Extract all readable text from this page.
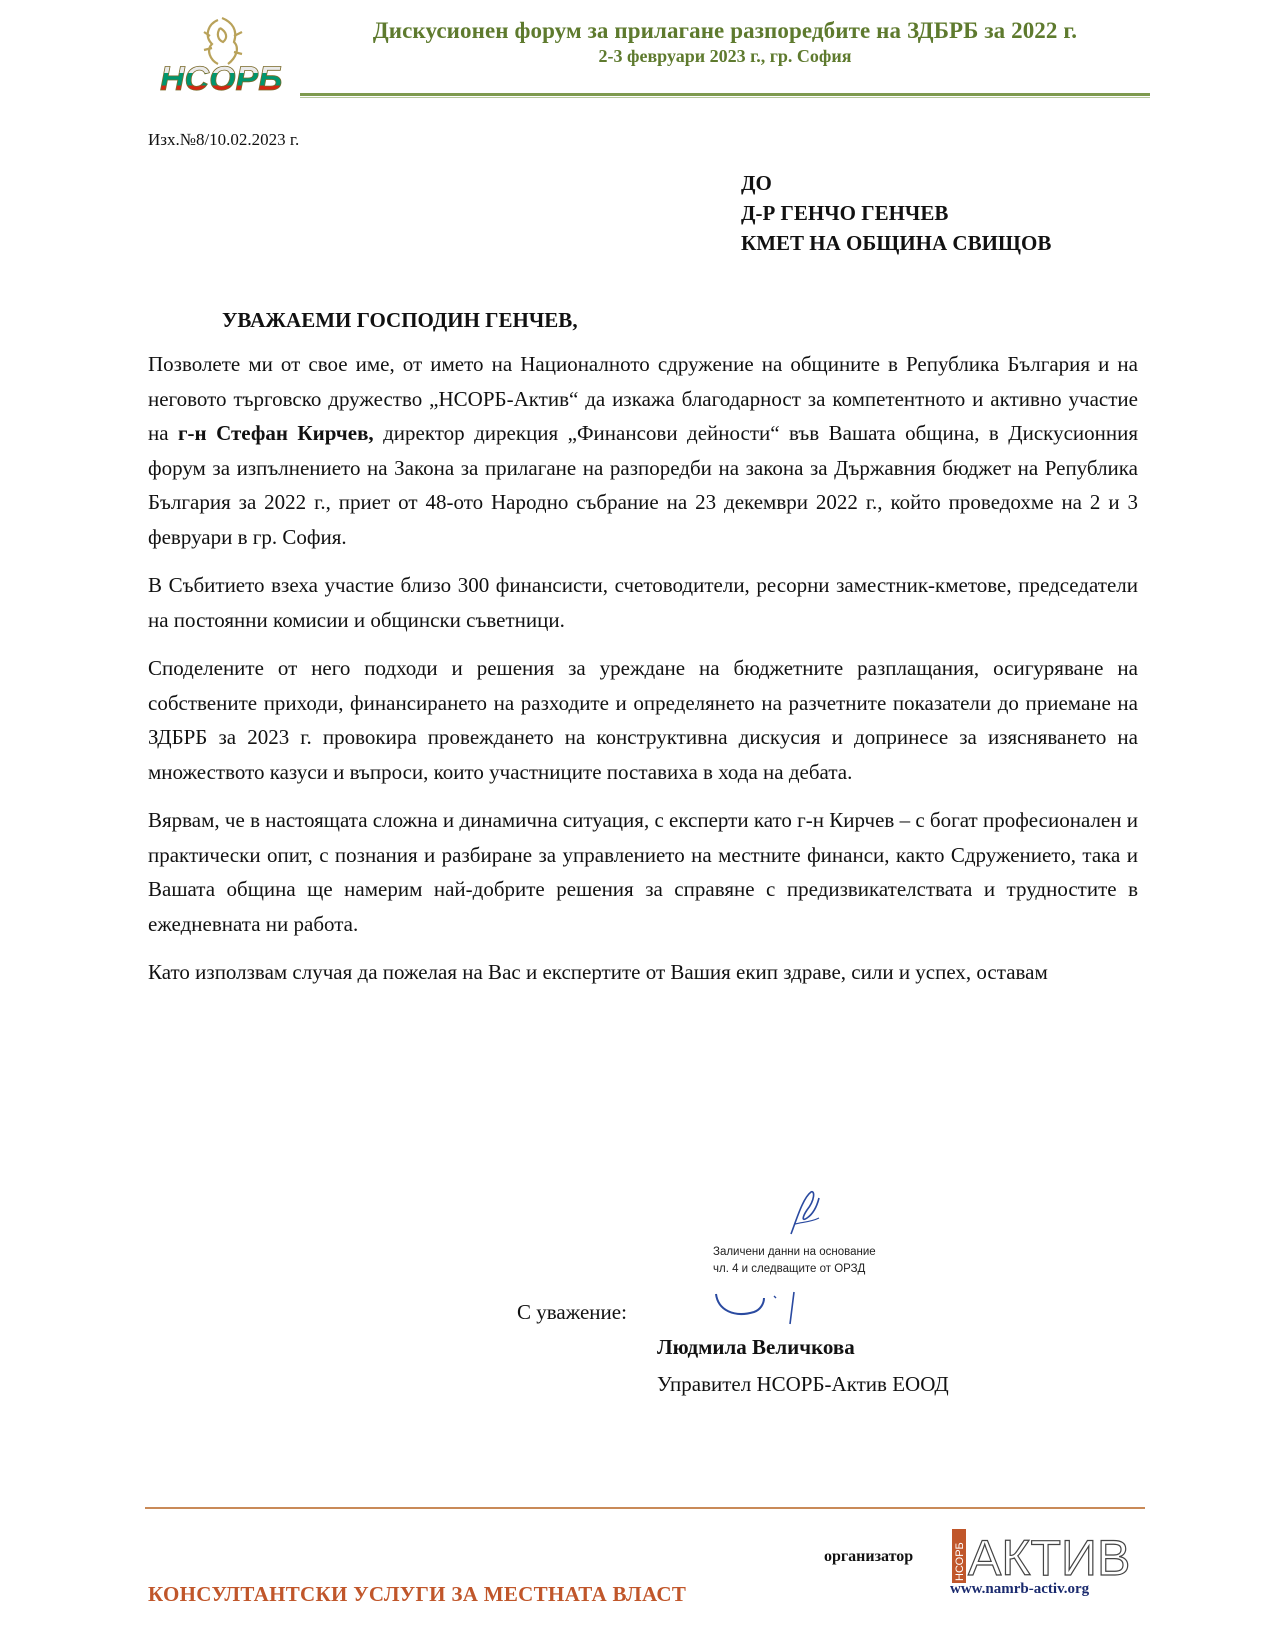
НСОРБ
Дискусионен форум за прилагане разпоредбите на ЗДБРБ за 2022 г.
2-3 февруари 2023 г., гр. София
Изх.№8/10.02.2023 г.
ДО
Д-Р ГЕНЧО ГЕНЧЕВ
КМЕТ НА ОБЩИНА СВИЩОВ
УВАЖАЕМИ ГОСПОДИН ГЕНЧЕВ,

Позволете ми от свое име, от името на Националното сдружение на общините в Република България и на неговото търговско дружество „НСОРБ-Актив“ да изкажа благодарност за компетентното и активно участие на г-н Стефан Кирчев, директор дирекция „Финансови дейности“ във Вашата община, в Дискусионния форум за изпълнението на Закона за прилагане на разпоредби на закона за Държавния бюджет на Република България за 2022 г., приет от 48-ото Народно събрание на 23 декември 2022 г., който проведохме на 2 и 3 февруари в гр. София.

В Събитието взеха участие близо 300 финансисти, счетоводители, ресорни заместник-кметове, председатели на постоянни комисии и общински съветници.

Споделените от него подходи и решения за уреждане на бюджетните разплащания, осигуряване на собствените приходи, финансирането на разходите и определянето на разчетните показатели до приемане на ЗДБРБ за 2023 г. провокира провеждането на конструктивна дискусия и допринесе за изясняването на множеството казуси и въпроси, които участниците поставиха в хода на дебата.

Вярвам, че в настоящата сложна и динамична ситуация, с експерти като г-н Кирчев – с богат професионален и практически опит, с познания и разбиране за управлението на местните финанси, както Сдружението, така и Вашата община ще намерим най-добрите решения за справяне с предизвикателствата и трудностите в ежедневната ни работа.

Като използвам случая да пожелая на Вас и експертите от Вашия екип здраве, сили и успех, оставам

Заличени данни на основание
чл. 4 и следващите от ОРЗД
С уважение:
Людмила Величкова
Управител НСОРБ-Актив ЕООД
организатор	НСОРБ АКТИВ
www.namrb-activ.org
КОНСУЛТАНТСКИ УСЛУГИ ЗА МЕСТНАТА ВЛАСТ
